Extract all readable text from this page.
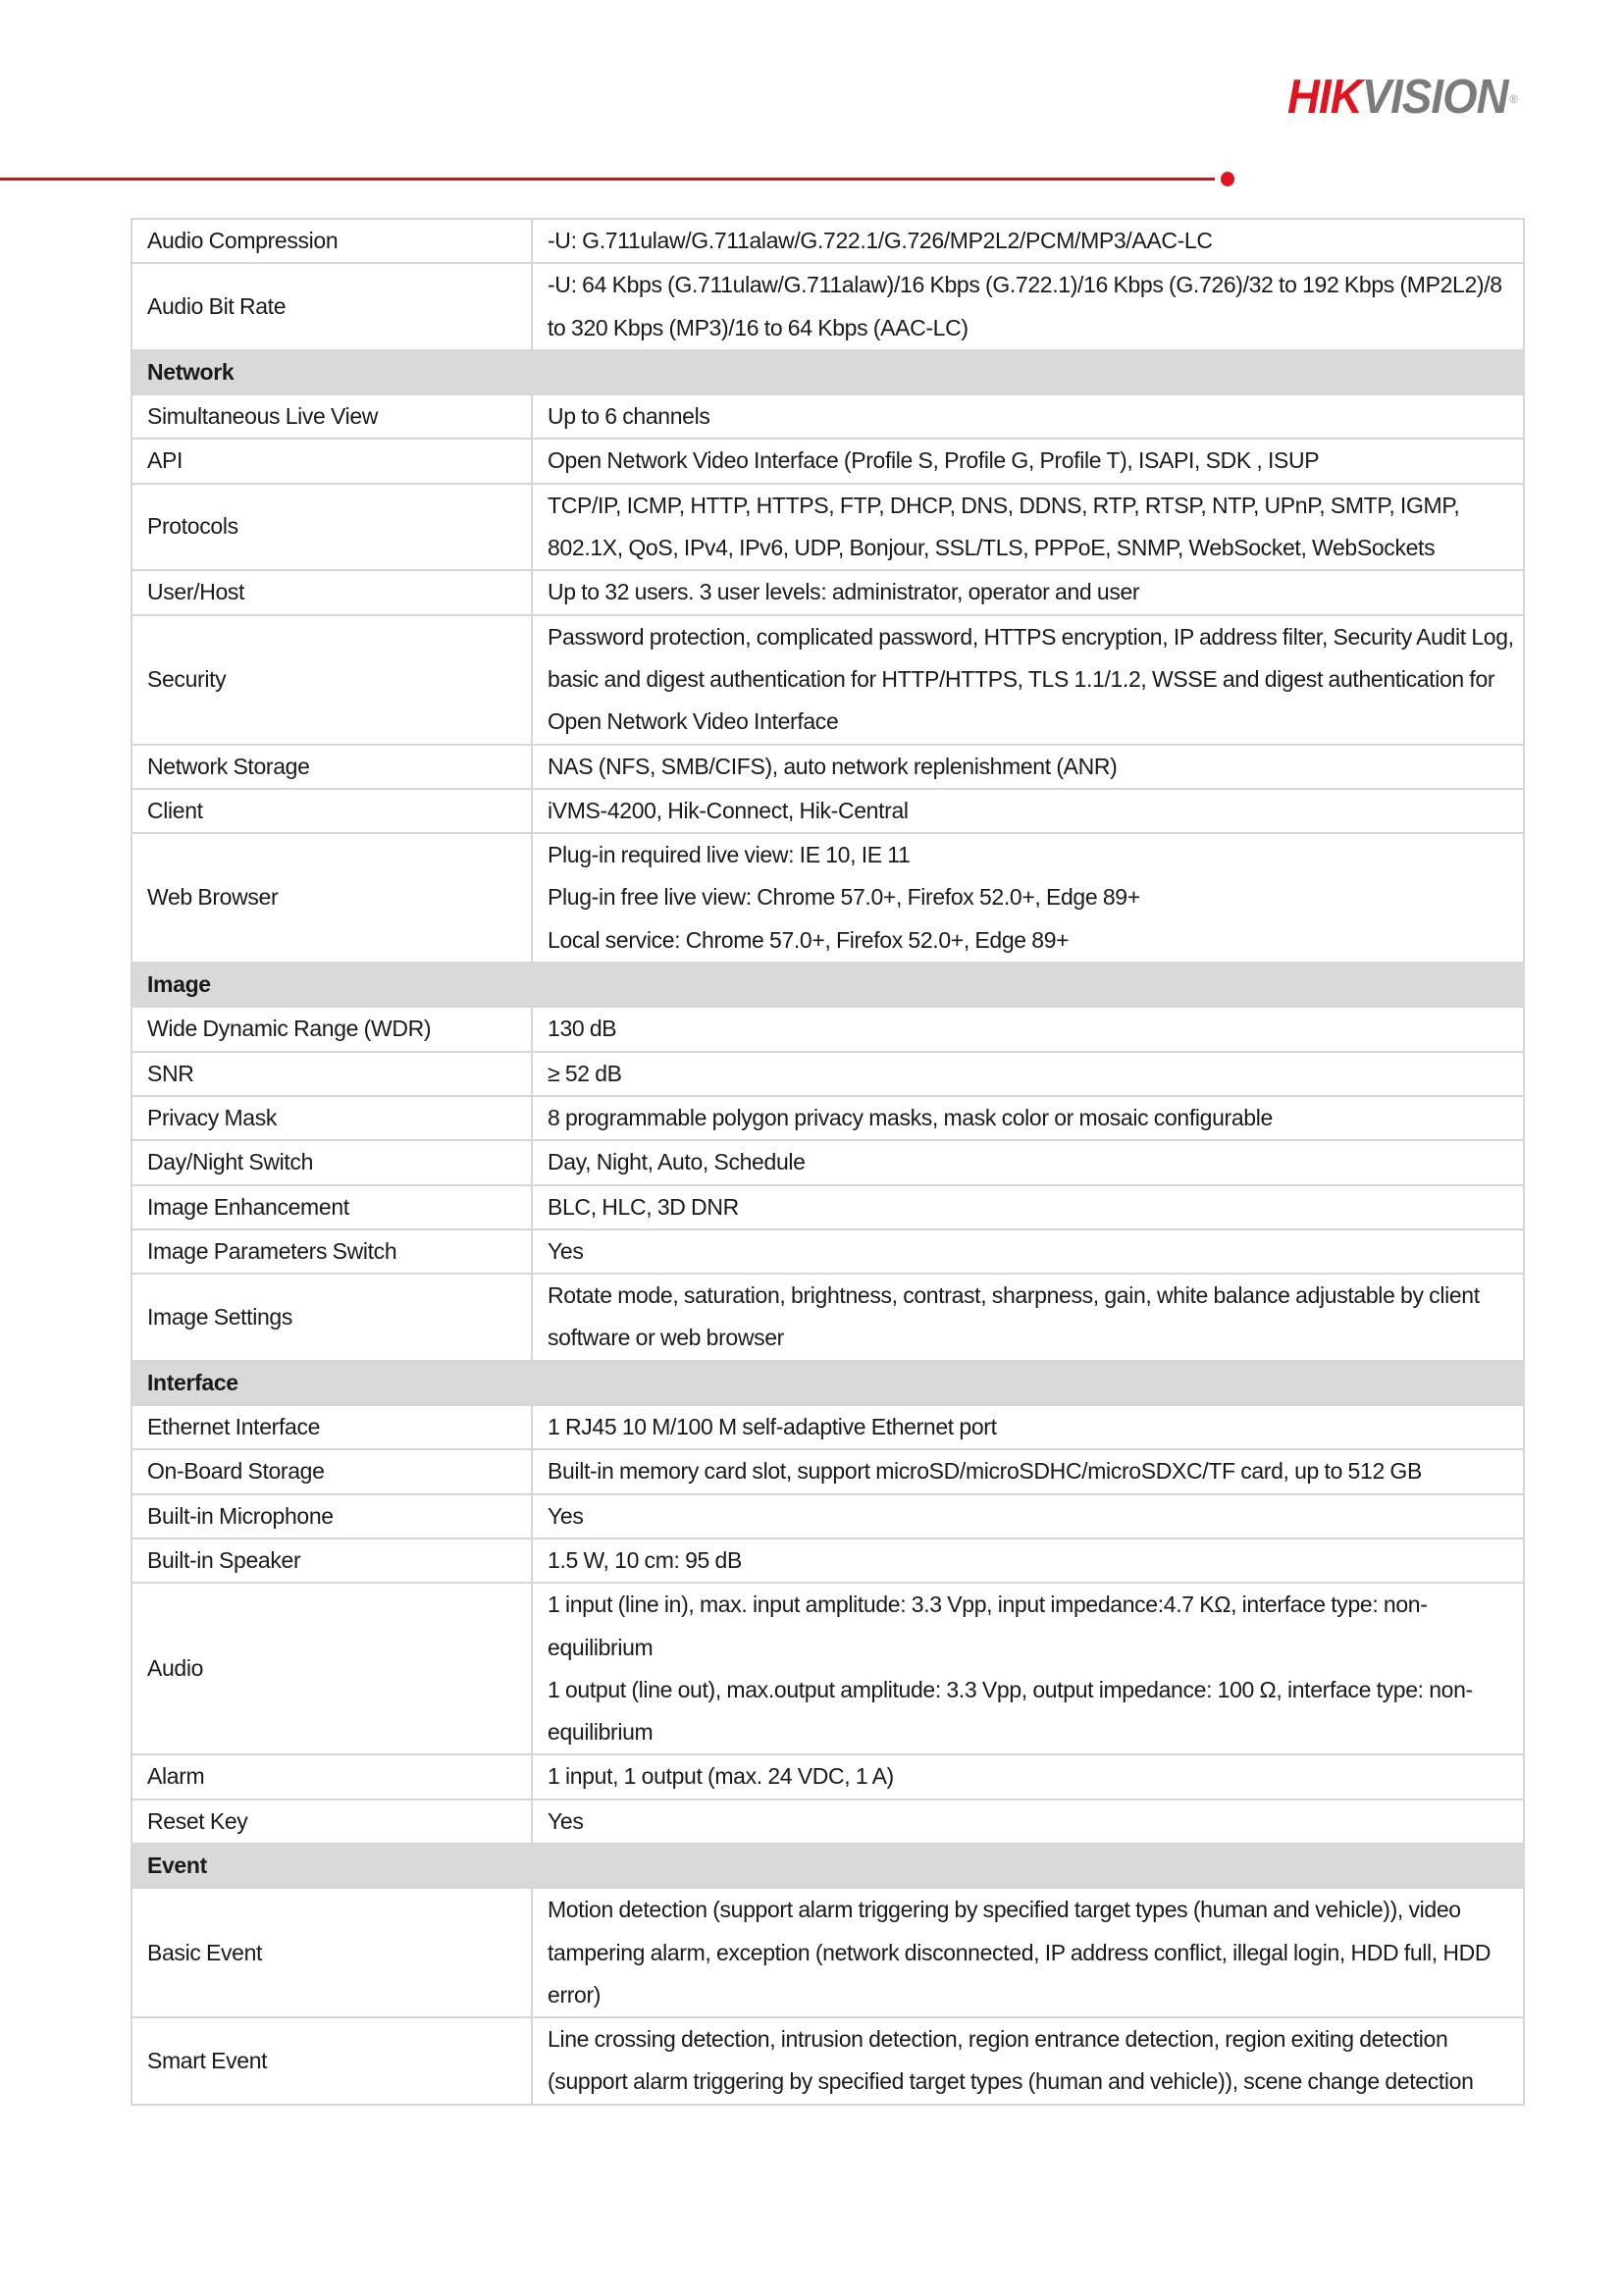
HIKVISION ®
Audio Compression	-U: G.711ulaw/G.711alaw/G.722.1/G.726/MP2L2/PCM/MP3/AAC-LC

Audio Bit Rate	-U: 64 Kbps (G.711ulaw/G.711alaw)/16 Kbps (G.722.1)/16 Kbps (G.726)/32 to 192 Kbps (MP2L2)/8 to 320 Kbps (MP3)/16 to 64 Kbps (AAC-LC)

Network	
Simultaneous Live View	Up to 6 channels

API	Open Network Video Interface (Profile S, Profile G, Profile T), ISAPI, SDK , ISUP

Protocols	TCP/IP, ICMP, HTTP, HTTPS, FTP, DHCP, DNS, DDNS, RTP, RTSP, NTP, UPnP, SMTP, IGMP, 802.1X, QoS, IPv4, IPv6, UDP, Bonjour, SSL/TLS, PPPoE, SNMP, WebSocket, WebSockets

User/Host	Up to 32 users. 3 user levels: administrator, operator and user

Security	Password protection, complicated password, HTTPS encryption, IP address filter, Security Audit Log, basic and digest authentication for HTTP/HTTPS, TLS 1.1/1.2, WSSE and digest authentication for Open Network Video Interface

Network Storage	NAS (NFS, SMB/CIFS), auto network replenishment (ANR)

Client	iVMS-4200, Hik-Connect, Hik-Central

Web Browser	Plug-in required live view: IE 10, IE 11
Plug-in free live view: Chrome 57.0+, Firefox 52.0+, Edge 89+
Local service: Chrome 57.0+, Firefox 52.0+, Edge 89+

Image	
Wide Dynamic Range (WDR)	130 dB

SNR	≥ 52 dB

Privacy Mask	8 programmable polygon privacy masks, mask color or mosaic configurable

Day/Night Switch	Day, Night, Auto, Schedule

Image Enhancement	BLC, HLC, 3D DNR

Image Parameters Switch	Yes

Image Settings	Rotate mode, saturation, brightness, contrast, sharpness, gain, white balance adjustable by client software or web browser

Interface	
Ethernet Interface	1 RJ45 10 M/100 M self-adaptive Ethernet port

On-Board Storage	Built-in memory card slot, support microSD/microSDHC/microSDXC/TF card, up to 512 GB

Built-in Microphone	Yes

Built-in Speaker	1.5 W, 10 cm: 95 dB

Audio	1 input (line in), max. input amplitude: 3.3 Vpp, input impedance:4.7 KΩ, interface type: non-equilibrium
1 output (line out), max.output amplitude: 3.3 Vpp, output impedance: 100 Ω, interface type: non-equilibrium

Alarm	1 input, 1 output (max. 24 VDC, 1 A)

Reset Key	Yes

Event	
Basic Event	Motion detection (support alarm triggering by specified target types (human and vehicle)), video tampering alarm, exception (network disconnected, IP address conflict, illegal login, HDD full, HDD error)

Smart Event	Line crossing detection, intrusion detection, region entrance detection, region exiting detection (support alarm triggering by specified target types (human and vehicle)), scene change detection
